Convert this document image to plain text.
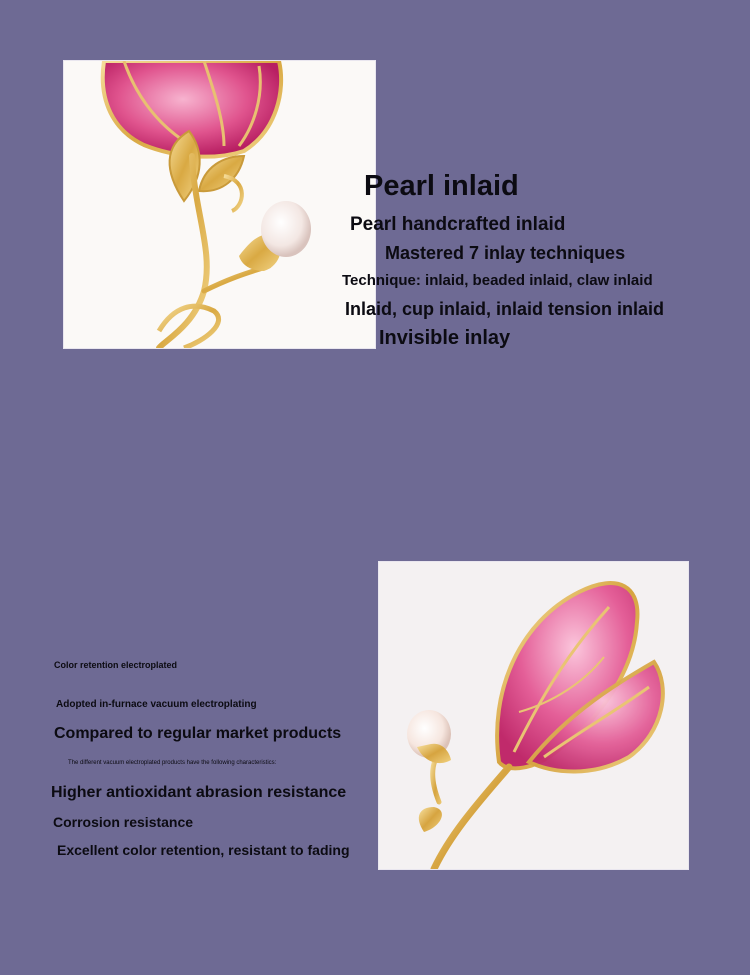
Pearl inlaid

Pearl handcrafted inlaid

Mastered 7 inlay techniques

Technique: inlaid, beaded inlaid, claw inlaid

Inlaid, cup inlaid, inlaid tension inlaid

Invisible inlay

Color retention electroplated

Adopted in-furnace vacuum electroplating

Compared to regular market products

The different vacuum electroplated products have the following characteristics:

Higher antioxidant abrasion resistance

Corrosion resistance

Excellent color retention, resistant to fading
